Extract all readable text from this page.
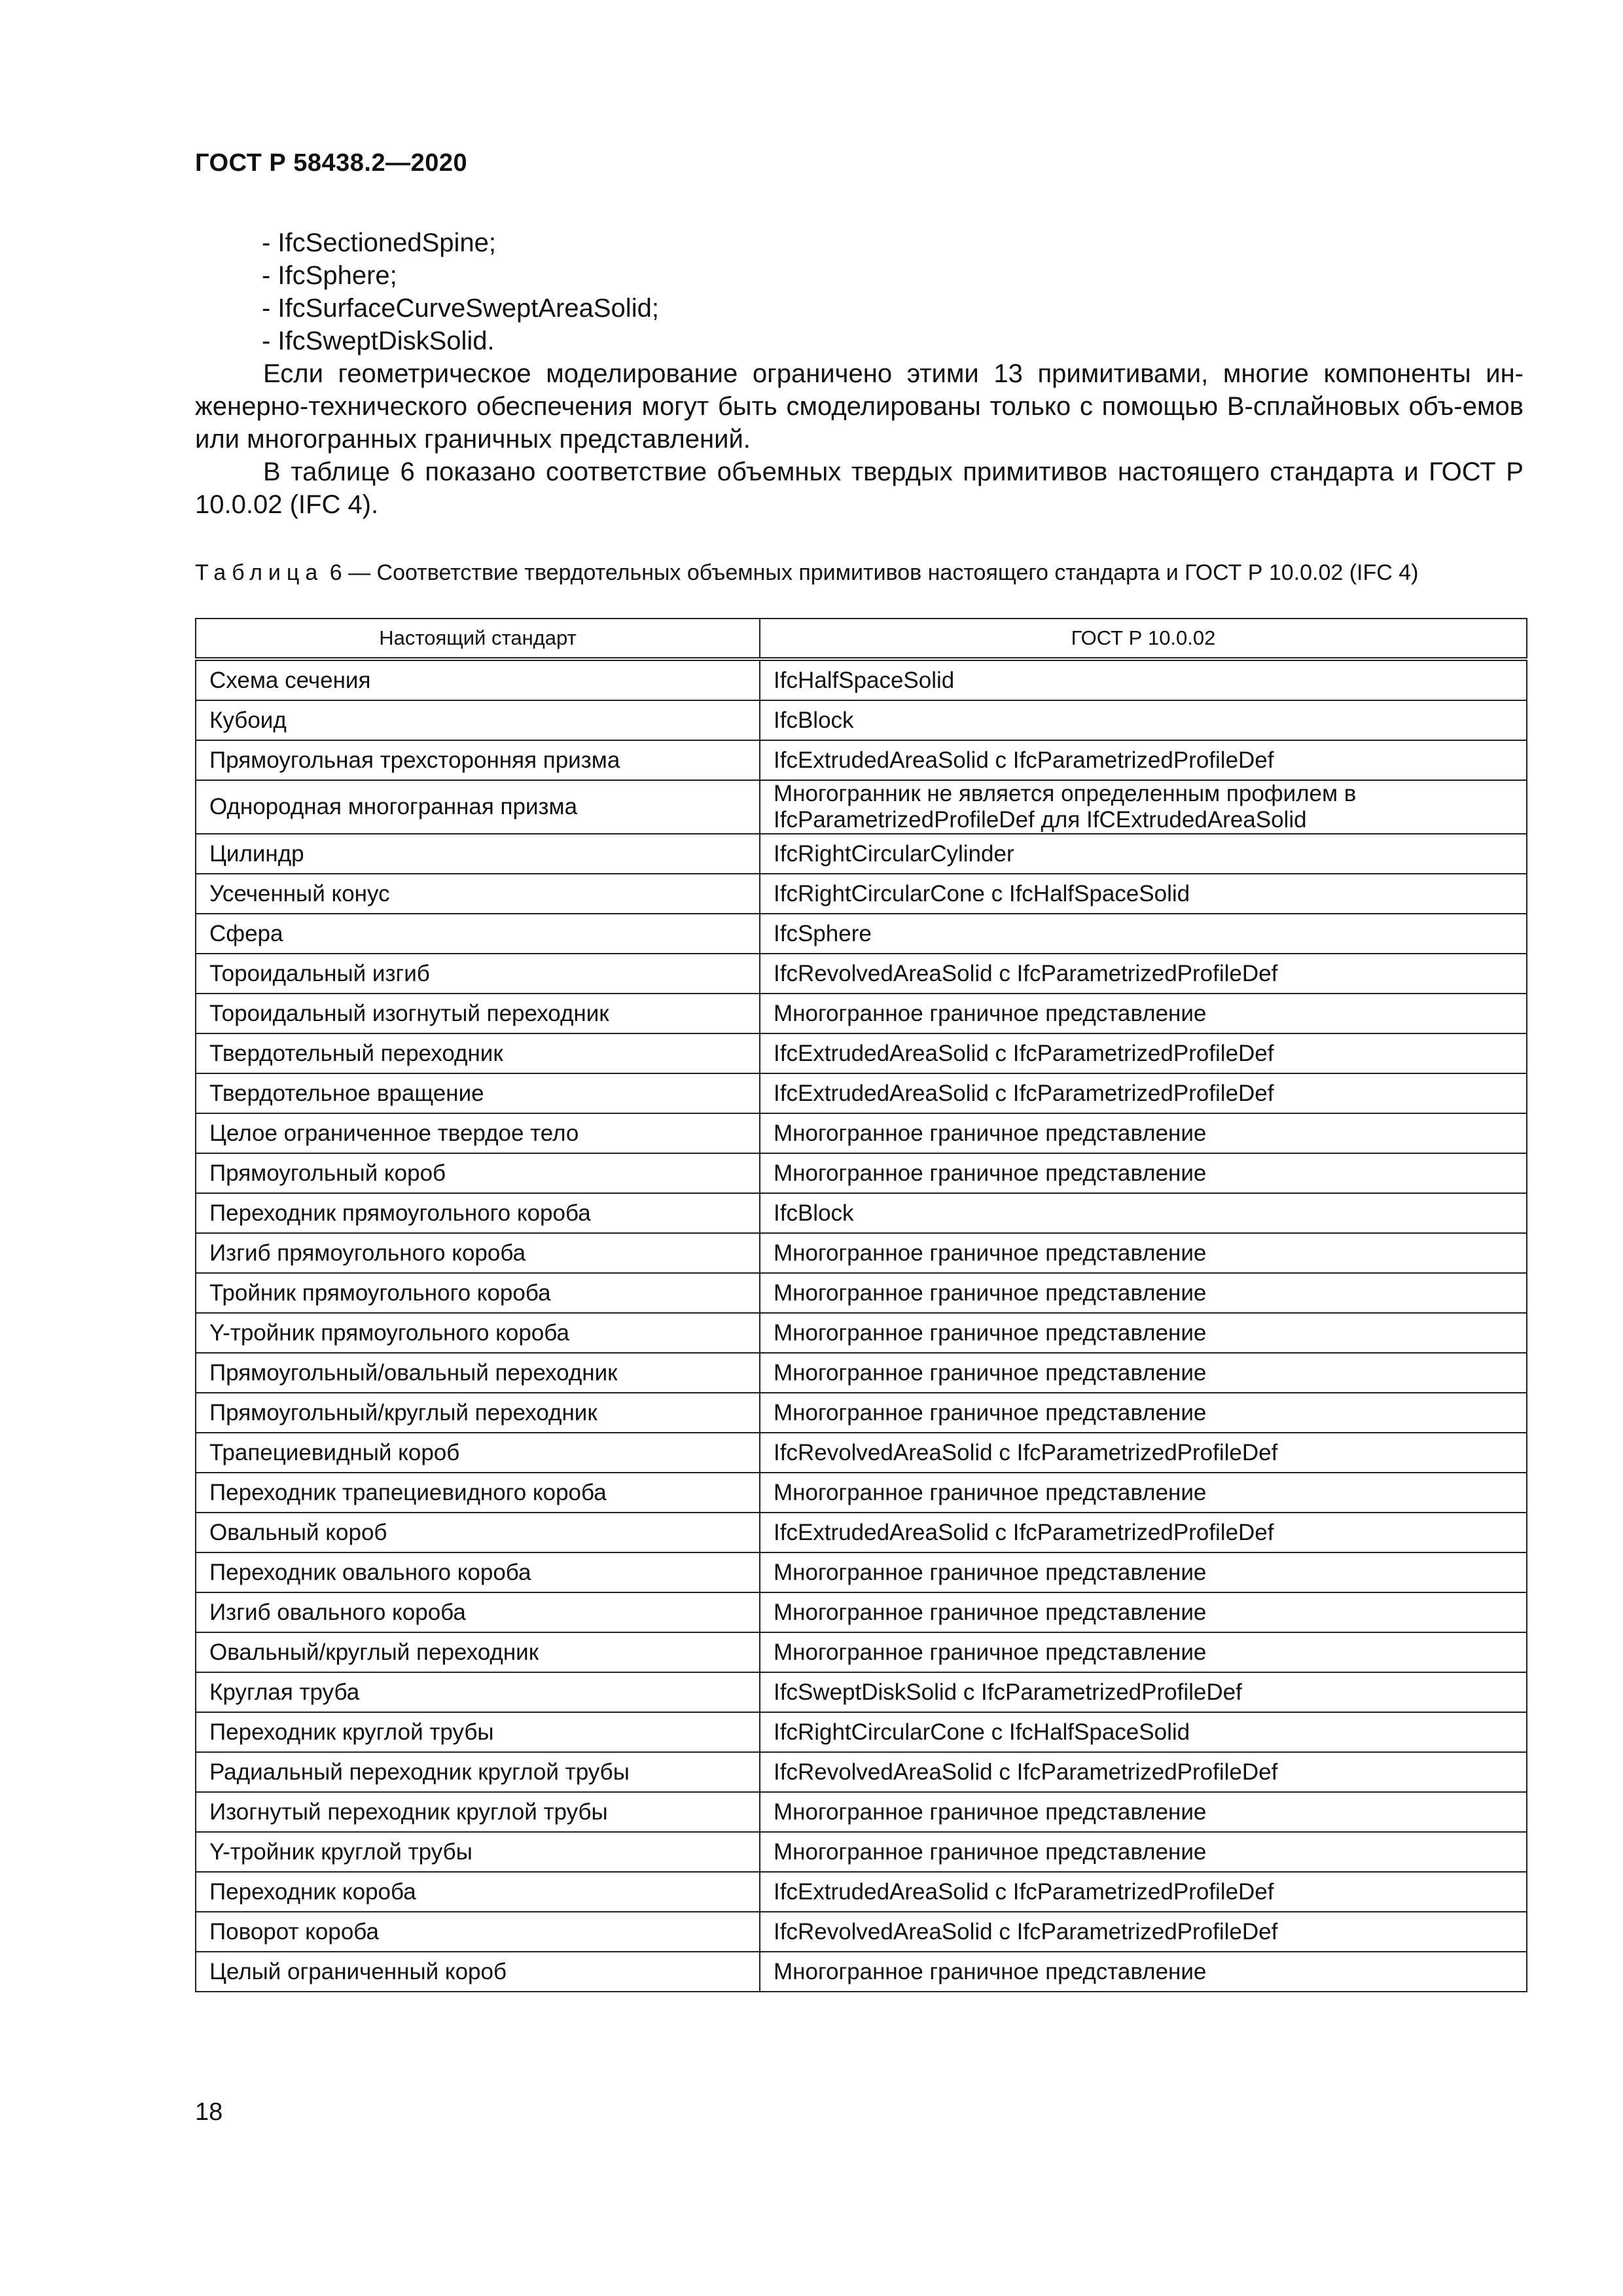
ГОСТ Р 58438.2—2020
- IfcSectionedSpine;
- IfcSphere;
- IfcSurfaceCurveSweptAreaSolid;
- IfcSweptDiskSolid.

Если геометрическое моделирование ограничено этими 13 примитивами, многие компоненты ин-женерно-технического обеспечения могут быть смоделированы только с помощью B-сплайновых объ-емов или многогранных граничных представлений.

В таблице 6 показано соответствие объемных твердых примитивов настоящего стандарта и ГОСТ Р 10.0.02 (IFC 4).

Таблица 6 — Соответствие твердотельных объемных примитивов настоящего стандарта и ГОСТ Р 10.0.02 (IFC 4)
Настоящий стандарт	ГОСТ Р 10.0.02
Схема сечения	IfcHalfSpaceSolid
Кубоид	IfcBlock
Прямоугольная трехсторонняя призма	IfcExtrudedAreaSolid с IfcParametrizedProfileDef
Однородная многогранная призма	Многогранник не является определенным профилем в IfcParametrizedProfileDef для IfCExtrudedAreaSolid
Цилиндр	IfcRightCircularCylinder
Усеченный конус	IfcRightCircularCone с IfcHalfSpaceSolid
Сфера	IfcSphere
Тороидальный изгиб	IfcRevolvedAreaSolid с IfcParametrizedProfileDef
Тороидальный изогнутый переходник	Многогранное граничное представление
Твердотельный переходник	IfcExtrudedAreaSolid с IfcParametrizedProfileDef
Твердотельное вращение	IfcExtrudedAreaSolid с IfcParametrizedProfileDef
Целое ограниченное твердое тело	Многогранное граничное представление
Прямоугольный короб	Многогранное граничное представление
Переходник прямоугольного короба	IfcBlock
Изгиб прямоугольного короба	Многогранное граничное представление
Тройник прямоугольного короба	Многогранное граничное представление
Y-тройник прямоугольного короба	Многогранное граничное представление
Прямоугольный/овальный переходник	Многогранное граничное представление
Прямоугольный/круглый переходник	Многогранное граничное представление
Трапециевидный короб	IfcRevolvedAreaSolid с IfcParametrizedProfileDef
Переходник трапециевидного короба	Многогранное граничное представление
Овальный короб	IfcExtrudedAreaSolid с IfcParametrizedProfileDef
Переходник овального короба	Многогранное граничное представление
Изгиб овального короба	Многогранное граничное представление
Овальный/круглый переходник	Многогранное граничное представление
Круглая труба	IfcSweptDiskSolid с IfcParametrizedProfileDef
Переходник круглой трубы	IfcRightCircularCone с IfcHalfSpaceSolid
Радиальный переходник круглой трубы	IfcRevolvedAreaSolid с IfcParametrizedProfileDef
Изогнутый переходник круглой трубы	Многогранное граничное представление
Y-тройник круглой трубы	Многогранное граничное представление
Переходник короба	IfcExtrudedAreaSolid с IfcParametrizedProfileDef
Поворот короба	IfcRevolvedAreaSolid с IfcParametrizedProfileDef
Целый ограниченный короб	Многогранное граничное представление
18
